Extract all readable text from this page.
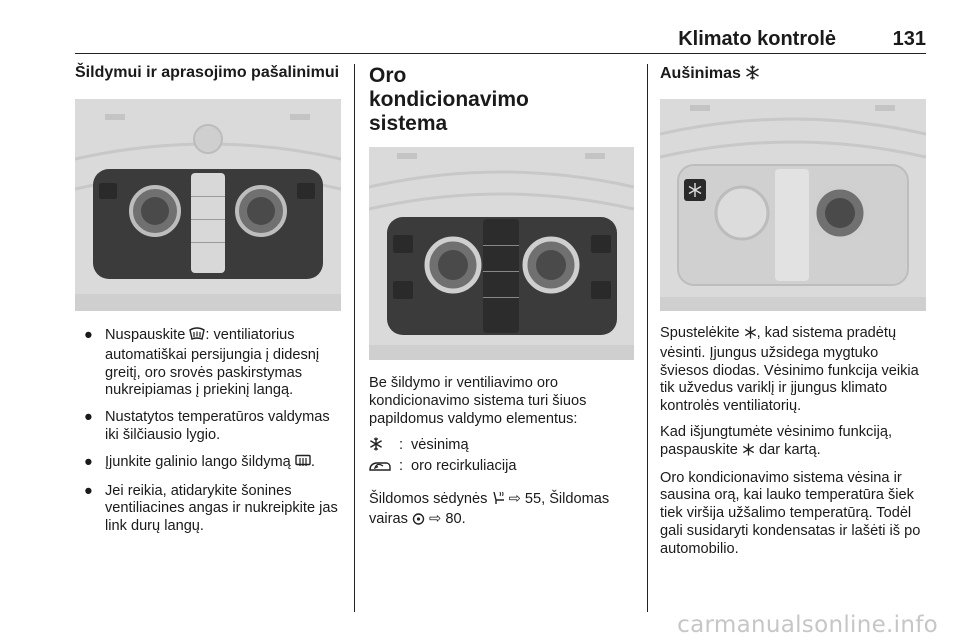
Klimato kontrolė	131
Šildymui ir aprasojimo pašalinimui
● Nuspauskite : ventiliatorius automatiškai persijungia į didesnį greitį, oro srovės paskirstymas nukreipiamas į priekinį langą.
● Nustatytos temperatūros valdymas iki šilčiausio lygio.
● Įjunkite galinio lango šildymą .
● Jei reikia, atidarykite šonines ventiliacines angas ir nukreipkite jas link durų langų.
Oro kondicionavimo sistema

Be šildymo ir ventiliavimo oro kondicionavimo sistema turi šiuos papildomus valdymo elementus:

: vėsinimą
: oro recirkuliacija

Šildomos sėdynės  ⇨ 55, Šildomas vairas  ⇨ 80.

Aušinimas

Spustelėkite , kad sistema pradėtų vėsinti. Įjungus užsidega mygtuko šviesos diodas. Vėsinimo funkcija veikia tik užvedus variklį ir įjungus klimato kontrolės ventiliatorių.

Kad išjungtumėte vėsinimo funkciją, paspauskite  dar kartą.

Oro kondicionavimo sistema vėsina ir sausina orą, kai lauko temperatūra šiek tiek viršija užšalimo temperatūrą. Todėl gali susidaryti kondensatas ir lašėti iš po automobilio.

carmanualsonline.info
